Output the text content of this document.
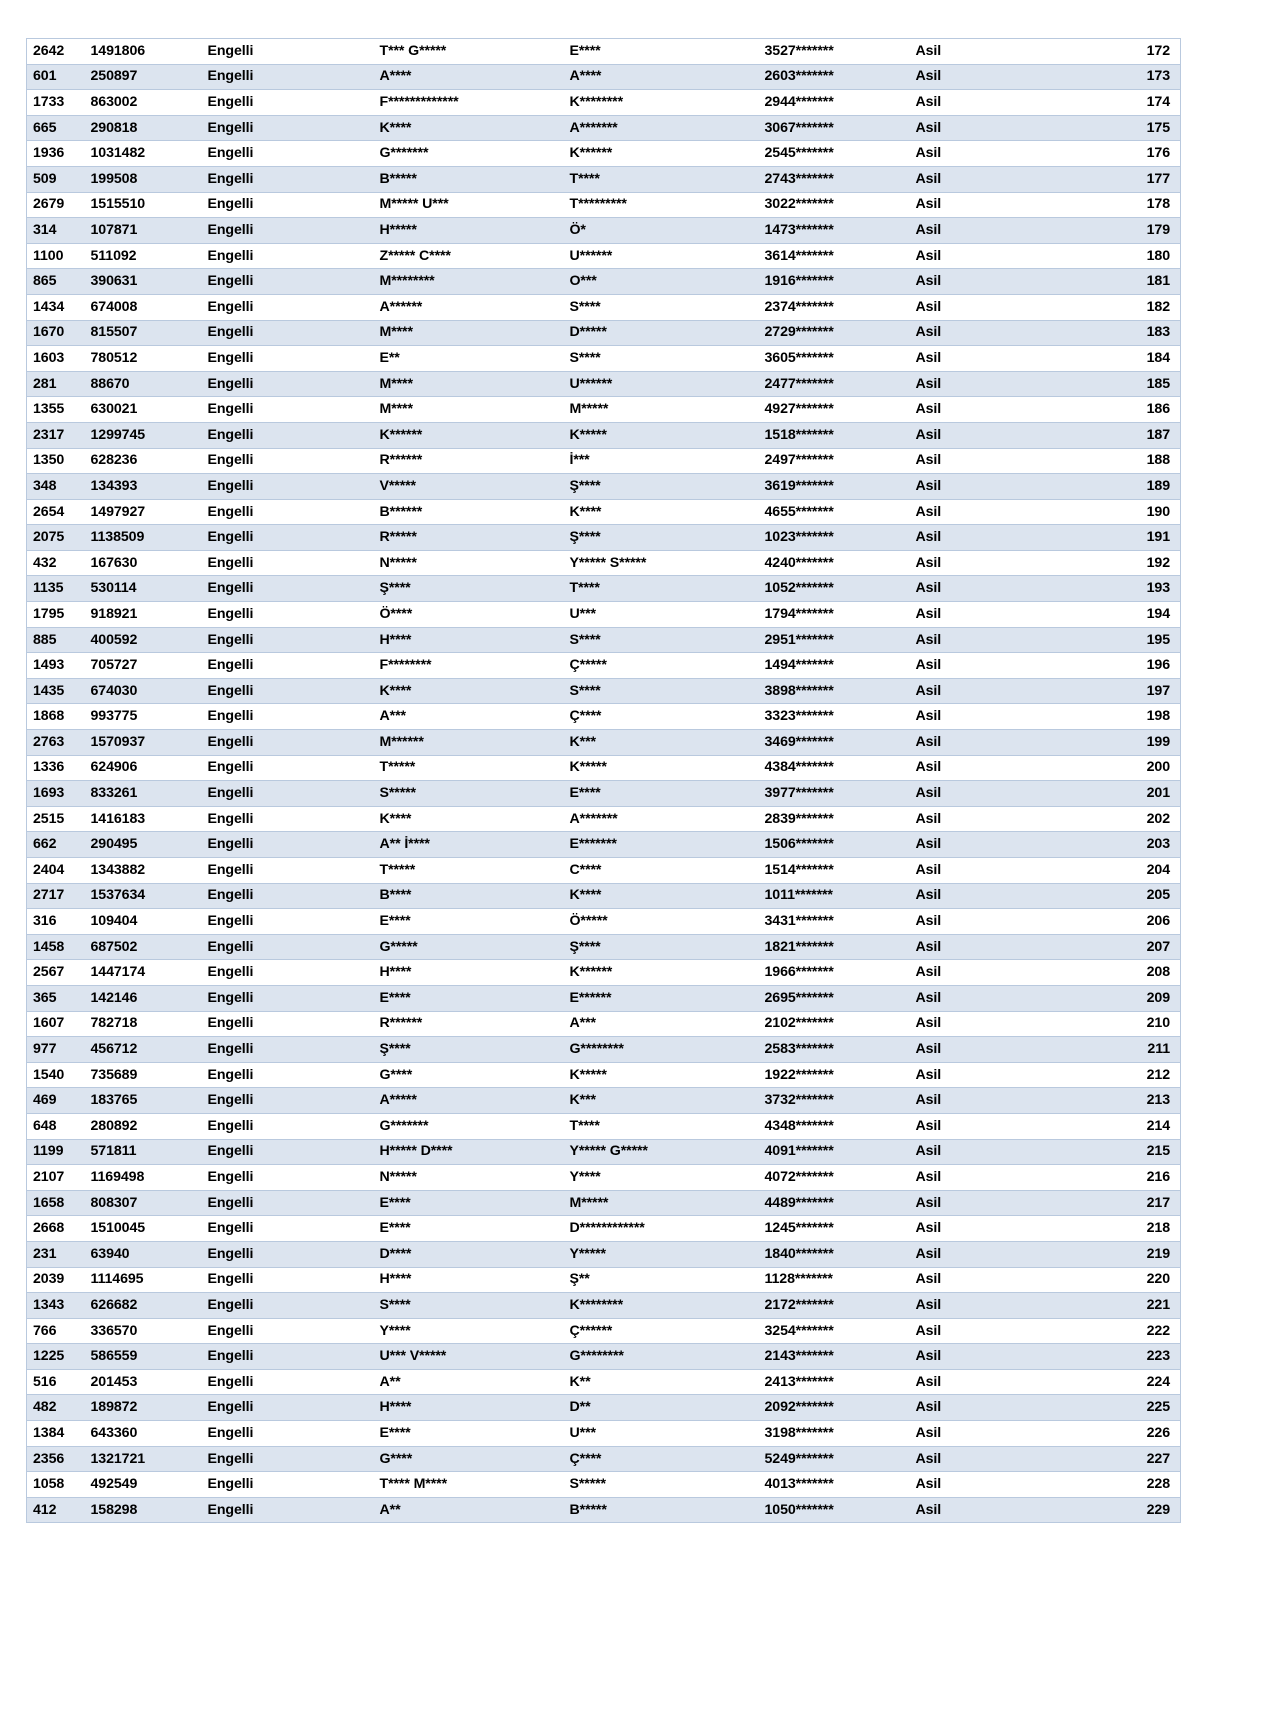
2642	1491806	Engelli	T*** G*****	E****	3527*******	Asil	172
601	250897	Engelli	A****	A****	2603*******	Asil	173
1733	863002	Engelli	F*************	K********	2944*******	Asil	174
665	290818	Engelli	K****	A*******	3067*******	Asil	175
1936	1031482	Engelli	G*******	K******	2545*******	Asil	176
509	199508	Engelli	B*****	T****	2743*******	Asil	177
2679	1515510	Engelli	M***** U***	T*********	3022*******	Asil	178
314	107871	Engelli	H*****	Ö*	1473*******	Asil	179
1100	511092	Engelli	Z***** C****	U******	3614*******	Asil	180
865	390631	Engelli	M********	O***	1916*******	Asil	181
1434	674008	Engelli	A******	S****	2374*******	Asil	182
1670	815507	Engelli	M****	D*****	2729*******	Asil	183
1603	780512	Engelli	E**	S****	3605*******	Asil	184
281	88670	Engelli	M****	U******	2477*******	Asil	185
1355	630021	Engelli	M****	M*****	4927*******	Asil	186
2317	1299745	Engelli	K******	K*****	1518*******	Asil	187
1350	628236	Engelli	R******	İ***	2497*******	Asil	188
348	134393	Engelli	V*****	Ş****	3619*******	Asil	189
2654	1497927	Engelli	B******	K****	4655*******	Asil	190
2075	1138509	Engelli	R*****	Ş****	1023*******	Asil	191
432	167630	Engelli	N*****	Y***** S*****	4240*******	Asil	192
1135	530114	Engelli	Ş****	T****	1052*******	Asil	193
1795	918921	Engelli	Ö****	U***	1794*******	Asil	194
885	400592	Engelli	H****	S****	2951*******	Asil	195
1493	705727	Engelli	F********	Ç*****	1494*******	Asil	196
1435	674030	Engelli	K****	S****	3898*******	Asil	197
1868	993775	Engelli	A***	Ç****	3323*******	Asil	198
2763	1570937	Engelli	M******	K***	3469*******	Asil	199
1336	624906	Engelli	T*****	K*****	4384*******	Asil	200
1693	833261	Engelli	S*****	E****	3977*******	Asil	201
2515	1416183	Engelli	K****	A*******	2839*******	Asil	202
662	290495	Engelli	A** İ****	E*******	1506*******	Asil	203
2404	1343882	Engelli	T*****	C****	1514*******	Asil	204
2717	1537634	Engelli	B****	K****	1011*******	Asil	205
316	109404	Engelli	E****	Ö*****	3431*******	Asil	206
1458	687502	Engelli	G*****	Ş****	1821*******	Asil	207
2567	1447174	Engelli	H****	K******	1966*******	Asil	208
365	142146	Engelli	E****	E******	2695*******	Asil	209
1607	782718	Engelli	R******	A***	2102*******	Asil	210
977	456712	Engelli	Ş****	G********	2583*******	Asil	211
1540	735689	Engelli	G****	K*****	1922*******	Asil	212
469	183765	Engelli	A*****	K***	3732*******	Asil	213
648	280892	Engelli	G*******	T****	4348*******	Asil	214
1199	571811	Engelli	H***** D****	Y***** G*****	4091*******	Asil	215
2107	1169498	Engelli	N*****	Y****	4072*******	Asil	216
1658	808307	Engelli	E****	M*****	4489*******	Asil	217
2668	1510045	Engelli	E****	D************	1245*******	Asil	218
231	63940	Engelli	D****	Y*****	1840*******	Asil	219
2039	1114695	Engelli	H****	Ş**	1128*******	Asil	220
1343	626682	Engelli	S****	K********	2172*******	Asil	221
766	336570	Engelli	Y****	Ç******	3254*******	Asil	222
1225	586559	Engelli	U*** V*****	G********	2143*******	Asil	223
516	201453	Engelli	A**	K**	2413*******	Asil	224
482	189872	Engelli	H****	D**	2092*******	Asil	225
1384	643360	Engelli	E****	U***	3198*******	Asil	226
2356	1321721	Engelli	G****	Ç****	5249*******	Asil	227
1058	492549	Engelli	T**** M****	S*****	4013*******	Asil	228
412	158298	Engelli	A**	B*****	1050*******	Asil	229
